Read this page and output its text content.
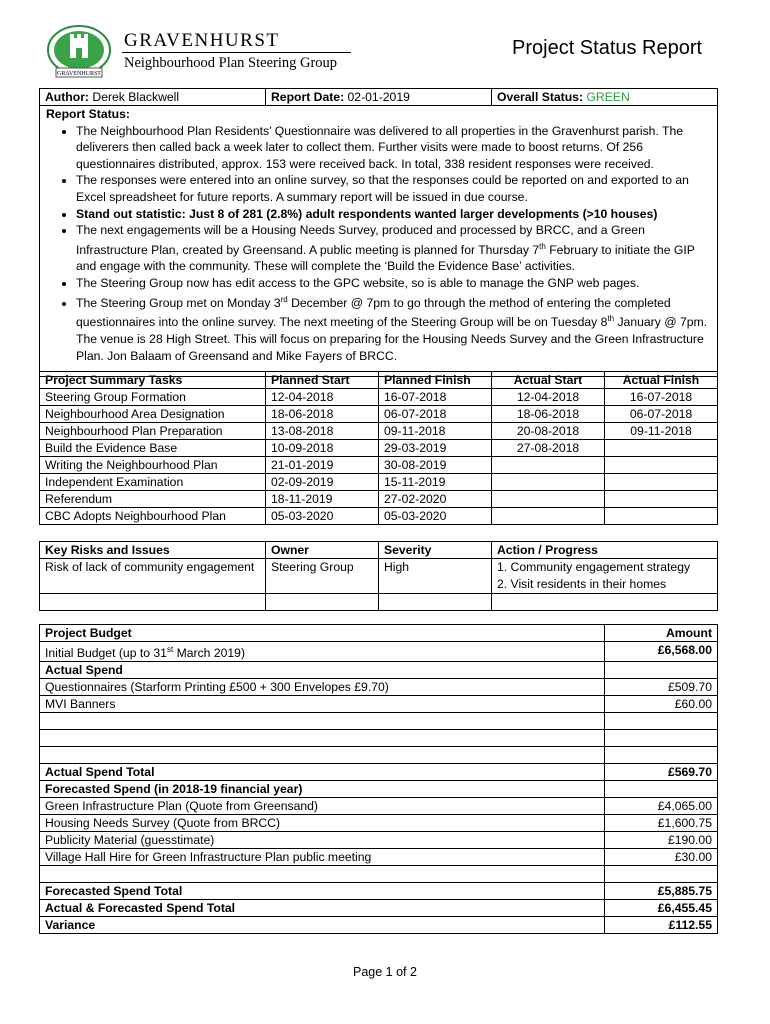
GRAVENHURST
GRAVENHURST
Neighbourhood Plan Steering Group
Project Status Report
Author: Derek Blackwell	Report Date: 02-01-2019	Overall Status: GREEN

Report Status:
• The Neighbourhood Plan Residents’ Questionnaire was delivered to all properties in the Gravenhurst parish. The deliverers then called back a week later to collect them. Further visits were made to boost returns. Of 256 questionnaires distributed, approx. 153 were received back. In total, 338 resident responses were received.
• The responses were entered into an online survey, so that the responses could be reported on and exported to an Excel spreadsheet for future reports. A summary report will be issued in due course.
• Stand out statistic: Just 8 of 281 (2.8%) adult respondents wanted larger developments (>10 houses)
• The next engagements will be a Housing Needs Survey, produced and processed by BRCC, and a Green Infrastructure Plan, created by Greensand. A public meeting is planned for Thursday 7th February to initiate the GIP and engage with the community. These will complete the ‘Build the Evidence Base’ activities.
• The Steering Group now has edit access to the GPC website, so is able to manage the GNP web pages.
• The Steering Group met on Monday 3rd December @ 7pm to go through the method of entering the completed questionnaires into the online survey. The next meeting of the Steering Group will be on Tuesday 8th January @ 7pm. The venue is 28 High Street. This will focus on preparing for the Housing Needs Survey and the Green Infrastructure Plan. Jon Balaam of Greensand and Mike Fayers of BRCC.
Project Summary Tasks	Planned Start	Planned Finish	Actual Start	Actual Finish
Steering Group Formation	12-04-2018	16-07-2018	12-04-2018	16-07-2018
Neighbourhood Area Designation	18-06-2018	06-07-2018	18-06-2018	06-07-2018
Neighbourhood Plan Preparation	13-08-2018	09-11-2018	20-08-2018	09-11-2018
Build the Evidence Base	10-09-2018	29-03-2019	27-08-2018	
Writing the Neighbourhood Plan	21-01-2019	30-08-2019		
Independent Examination	02-09-2019	15-11-2019		
Referendum	18-11-2019	27-02-2020		
CBC Adopts Neighbourhood Plan	05-03-2020	05-03-2020		
Key Risks and Issues	Owner	Severity	Action / Progress
Risk of lack of community engagement	Steering Group	High	1. Community engagement strategy
2. Visit residents in their homes

Project Budget	Amount
Initial Budget (up to 31st March 2019)	£6,568.00
Actual Spend	
Questionnaires (Starform Printing £500 + 300 Envelopes £9.70)	£509.70
MVI Banners	£60.00

Actual Spend Total	£569.70
Forecasted Spend (in 2018-19 financial year)	
Green Infrastructure Plan (Quote from Greensand)	£4,065.00
Housing Needs Survey (Quote from BRCC)	£1,600.75
Publicity Material (guesstimate)	£190.00
Village Hall Hire for Green Infrastructure Plan public meeting	£30.00

Forecasted Spend Total	£5,885.75
Actual & Forecasted Spend Total	£6,455.45
Variance	£112.55
Page 1 of 2
